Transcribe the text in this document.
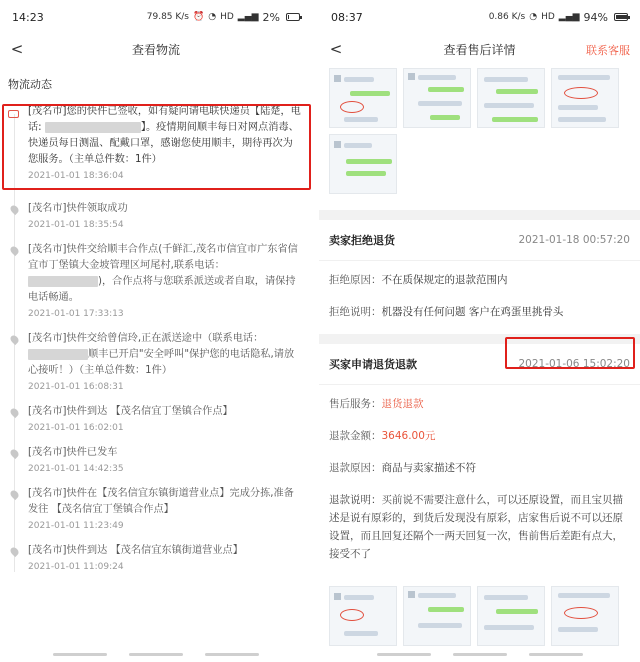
14:23	79.85 K/s ⏰ ◔ HD ▂▄▆ 2%
<	查看物流
物流动态
[茂名市]您的快件已签收，如有疑问请电联快递员【陆楚，电话:	】。疫情期间顺丰每日对网点消毒、快递员每日测温、配戴口罩，感谢您使用顺丰，期待再次为您服务。（主单总件数：1件）
2021-01-01 18:36:04
[茂名市]快件领取成功
2021-01-01 18:35:54
[茂名市]快件交给顺丰合作点(千鲜汇,茂名市信宜市广东省信宜市丁堡镇大金坡管理区坷尾村,联系电话：
)，合作点将与您联系派送或者自取，请保持电话畅通。
2021-01-01 17:33:13
[茂名市]快件交给曾信玲,正在派送途中（联系电话：
顺丰已开启"安全呼叫"保护您的电话隐私,请放心接听！）（主单总件数：1件）
2021-01-01 16:08:31
[茂名市]快件到达 【茂名信宜丁堡镇合作点】
2021-01-01 16:02:01
[茂名市]快件已发车
2021-01-01 14:42:35
[茂名市]快件在【茂名信宜东镇街道营业点】完成分拣,准备发往 【茂名信宜丁堡镇合作点】
2021-01-01 11:23:49
[茂名市]快件到达 【茂名信宜东镇街道营业点】
2021-01-01 11:09:24
08:37	0.86 K/s ◔ HD ▂▄▆ 94%
<	查看售后详情	联系客服
卖家拒绝退货	2021-01-18 00:57:20
拒绝原因： 不在质保规定的退款范围内
拒绝说明： 机器没有任何问题 客户在鸡蛋里挑骨头
买家申请退货退款	2021-01-06 15:02:20
售后服务： 退货退款
退款金额： 3646.00元
退款原因： 商品与卖家描述不符
退款说明：买前说不需要注意什么，可以还原设置，而且宝贝描述是说有原彩的，到货后发现没有原彩，店家售后说不可以还原设置，而且回复还隔个一两天回复一次，售前售后差距有点大，接受不了
